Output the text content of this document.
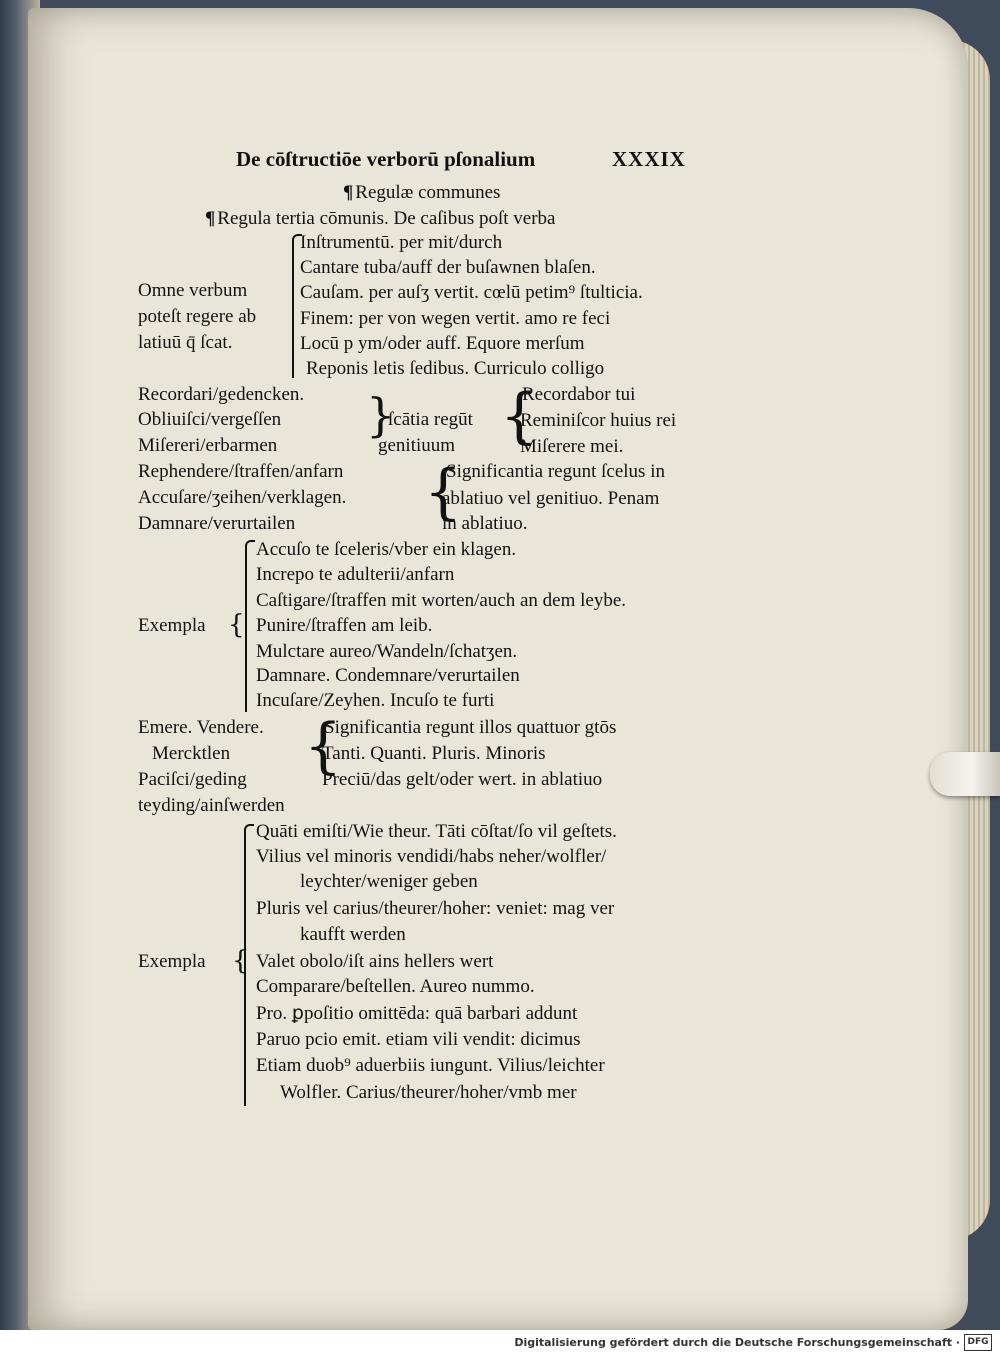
De cōſtructiōe verborū pſonalium	XXXIX
¶ Regulæ communes
¶ Regula tertia cōmunis. De caſibus poſt verba
Omne verbum
poteſt regere ab
latiuū q̄ ſcat.
Inſtrumentū. per mit/durch
Cantare tuba/auff der buſawnen blaſen.
Cauſam. per auſʒ vertit. cœlū petim⁹ ſtulticia.
Finem: per von wegen vertit. amo re feci
Locū p ym/oder auff. Equore merſum
Reponis letis ſedibus. Curriculo colligo
Recordari/gedencken.
Obliuiſci/vergeſſen
Miſereri/erbarmen
}
ſcātia regūt
genitiuum {
Recordabor tui
Reminiſcor huius rei
Miſerere mei.
Rephendere/ſtraffen/anfarn
Accuſare/ʒeihen/verklagen.
Damnare/verurtailen {
Significantia regunt ſcelus in
ablatiuo vel genitiuo. Penam
in ablatiuo.
Exempla {
Accuſo te ſceleris/vber ein klagen.
Increpo te adulterii/anfarn
Caſtigare/ſtraffen mit worten/auch an dem leybe.
Punire/ſtraffen am leib.
Mulctare aureo/Wandeln/ſchatʒen.
Damnare. Condemnare/verurtailen
Incuſare/Zeyhen. Incuſo te furti
Emere. Vendere.
Mercktlen
Paciſci/geding
teyding/ainſwerden
{
Significantia regunt illos quattuor gtōs
Tanti. Quanti. Pluris. Minoris
Preciū/das gelt/oder wert. in ablatiuo
Exempla {
Quāti emiſti/Wie theur. Tāti cōſtat/ſo vil geſtets.
Vilius vel minoris vendidi/habs neher/wolfler/
leychter/weniger geben
Pluris vel carius/theurer/hoher: veniet: mag ver
kaufft werden
Valet obolo/iſt ains hellers wert
Comparare/beſtellen. Aureo nummo.
Pro. ꝑpoſitio omittēda: quā barbari addunt
Paruo pcio emit. etiam vili vendit: dicimus
Etiam duob⁹ aduerbiis iungunt. Vilius/leichter
Wolfler. Carius/theurer/hoher/vmb mer
Digitalisierung gefördert durch die Deutsche Forschungsgemeinschaft · DFG
